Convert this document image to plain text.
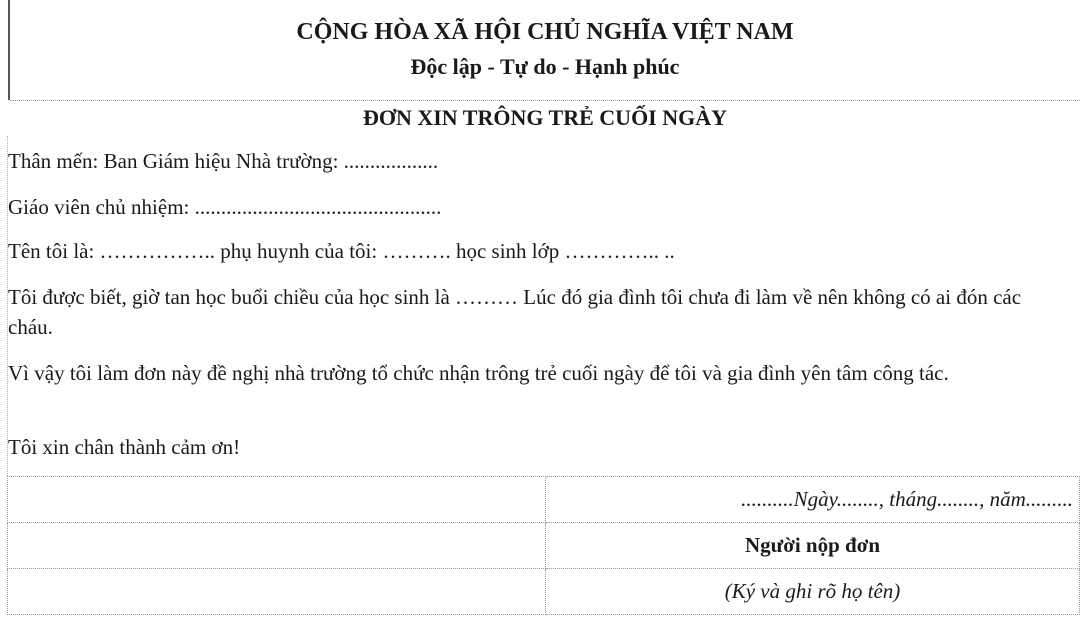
CỘNG HÒA XÃ HỘI CHỦ NGHĨA VIỆT NAM
Độc lập - Tự do - Hạnh phúc
ĐƠN XIN TRÔNG TRẺ CUỐI NGÀY

Thân mến: Ban Giám hiệu Nhà trường: ..................

Giáo viên chủ nhiệm: ...............................................

Tên tôi là: …………….. phụ huynh của tôi: ………. học sinh lớp ………….. ..

Tôi được biết, giờ tan học buổi chiều của học sinh là ……… Lúc đó gia đình tôi chưa đi làm về nên không có ai đón các cháu.

Vì vậy tôi làm đơn này đề nghị nhà trường tổ chức nhận trông trẻ cuối ngày để tôi và gia đình yên tâm công tác.

Tôi xin chân thành cảm ơn!

	..........Ngày........, tháng........, năm.........
	Người nộp đơn
	(Ký và ghi rõ họ tên)
